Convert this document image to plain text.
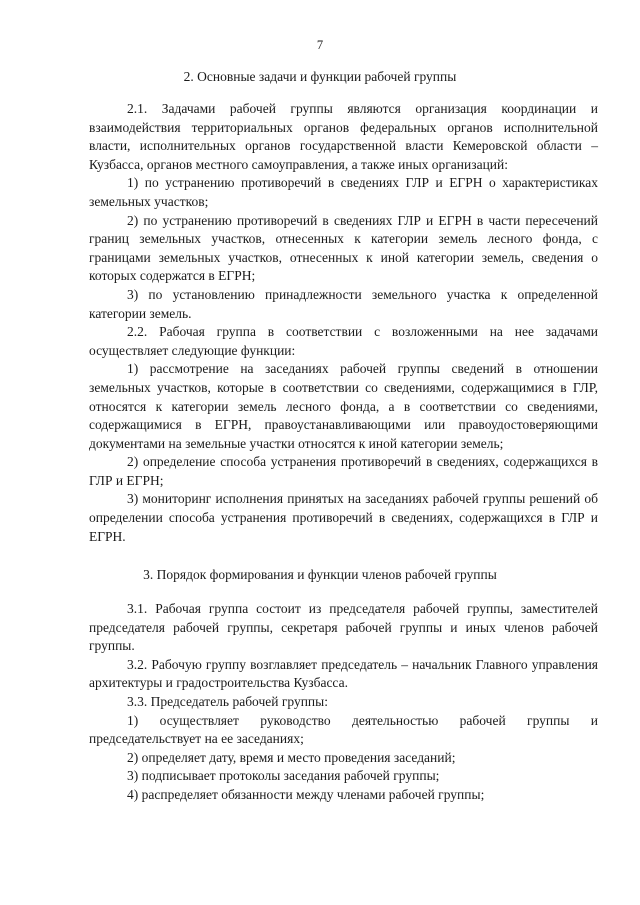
7
2. Основные задачи и функции рабочей группы

2.1. Задачами рабочей группы являются организация координации и взаимодействия территориальных органов федеральных органов исполнительной власти, исполнительных органов государственной власти Кемеровской области – Кузбасса, органов местного самоуправления, а также иных организаций:

1) по устранению противоречий в сведениях ГЛР и ЕГРН о характеристиках земельных участков;

2) по устранению противоречий в сведениях ГЛР и ЕГРН в части пересечений границ земельных участков, отнесенных к категории земель лесного фонда, с границами земельных участков, отнесенных к иной категории земель, сведения о которых содержатся в ЕГРН;

3) по установлению принадлежности земельного участка к определенной категории земель.

2.2. Рабочая группа в соответствии с возложенными на нее задачами осуществляет следующие функции:

1) рассмотрение на заседаниях рабочей группы сведений в отношении земельных участков, которые в соответствии со сведениями, содержащимися в ГЛР, относятся к категории земель лесного фонда, а в соответствии со сведениями, содержащимися в ЕГРН, правоустанавливающими или правоудостоверяющими документами на земельные участки относятся к иной категории земель;

2) определение способа устранения противоречий в сведениях, содержащихся в ГЛР и ЕГРН;

3) мониторинг исполнения принятых на заседаниях рабочей группы решений об определении способа устранения противоречий в сведениях, содержащихся в ГЛР и ЕГРН.

3. Порядок формирования и функции членов рабочей группы

3.1. Рабочая группа состоит из председателя рабочей группы, заместителей председателя рабочей группы, секретаря рабочей группы и иных членов рабочей группы.

3.2. Рабочую группу возглавляет председатель – начальник Главного управления архитектуры и градостроительства Кузбасса.

3.3. Председатель рабочей группы:

1) осуществляет руководство деятельностью рабочей группы и председательствует на ее заседаниях;

2) определяет дату, время и место проведения заседаний;

3) подписывает протоколы заседания рабочей группы;

4) распределяет обязанности между членами рабочей группы;
